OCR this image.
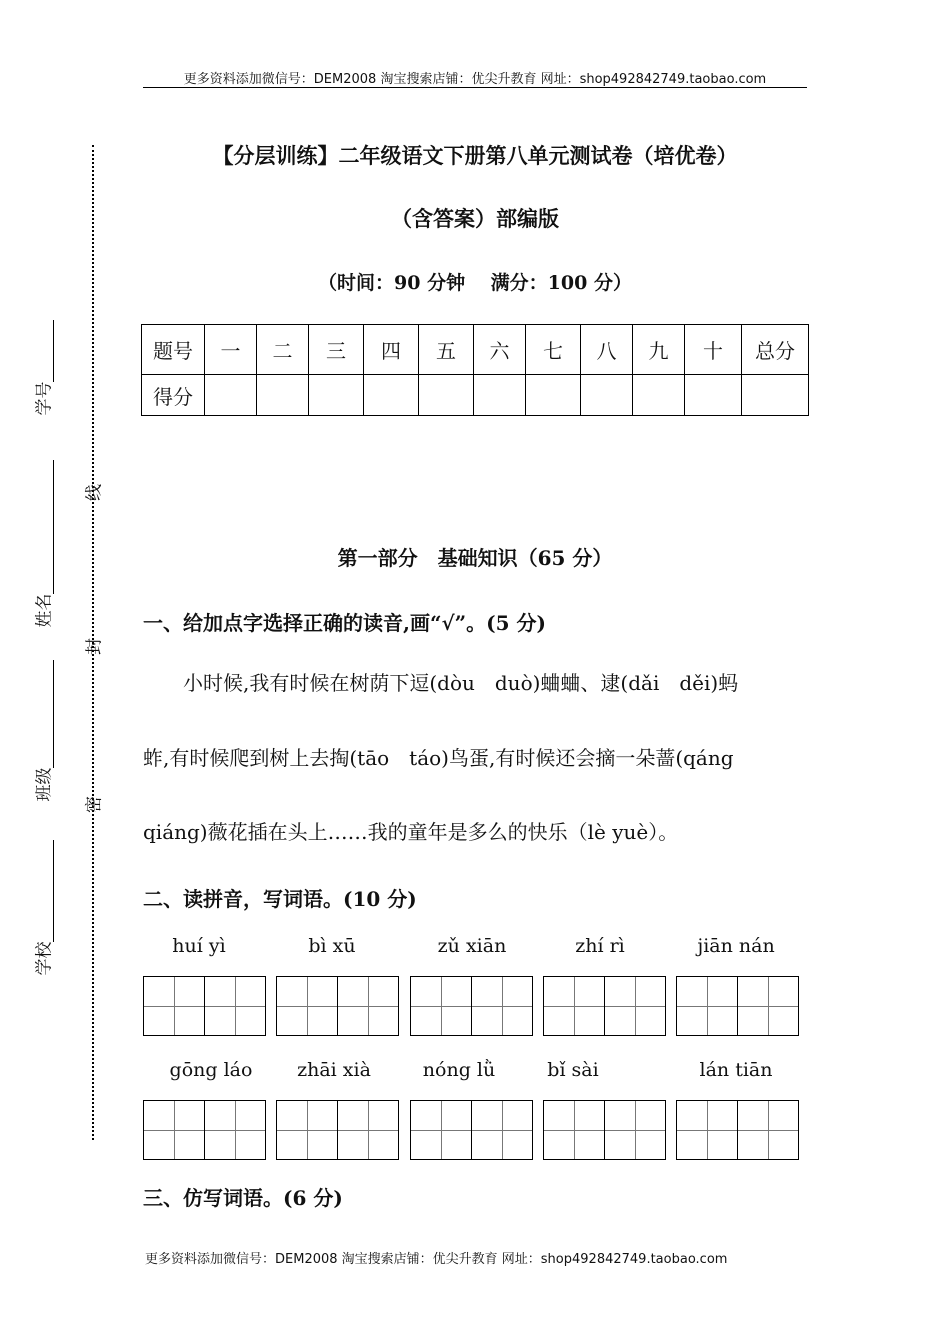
更多资料添加微信号：DEM2008 淘宝搜索店铺：优尖升教育 网址：shop492842749.taobao.com
线
封
密
学号
姓名
班级
学校
【分层训练】二年级语文下册第八单元测试卷（培优卷）
（含答案）部编版
（时间：90 分钟　 满分：100 分）
题号	一	二	三	四	五	六	七	八	九	十	总分
得分											
第一部分　基础知识（65 分）
一、给加点字选择正确的读音,画“√”。(5 分)
　　小时候,我有时候在树荫下逗(dòu　duò)蛐蛐、逮(dǎi　děi)蚂
蚱,有时候爬到树上去掏(tāo　táo)鸟蛋,有时候还会摘一朵蔷(qáng
qiáng)薇花插在头上……我的童年是多么的快乐（lè yuè）。
二、读拼音，写词语。(10 分)
huí yì	bì xū	zǔ xiān	zhí rì	jiān nán
gōng láo	zhāi xià	nóng lǜ	bǐ sài	lán tiān
三、仿写词语。(6 分)
更多资料添加微信号：DEM2008 淘宝搜索店铺：优尖升教育 网址：shop492842749.taobao.com
